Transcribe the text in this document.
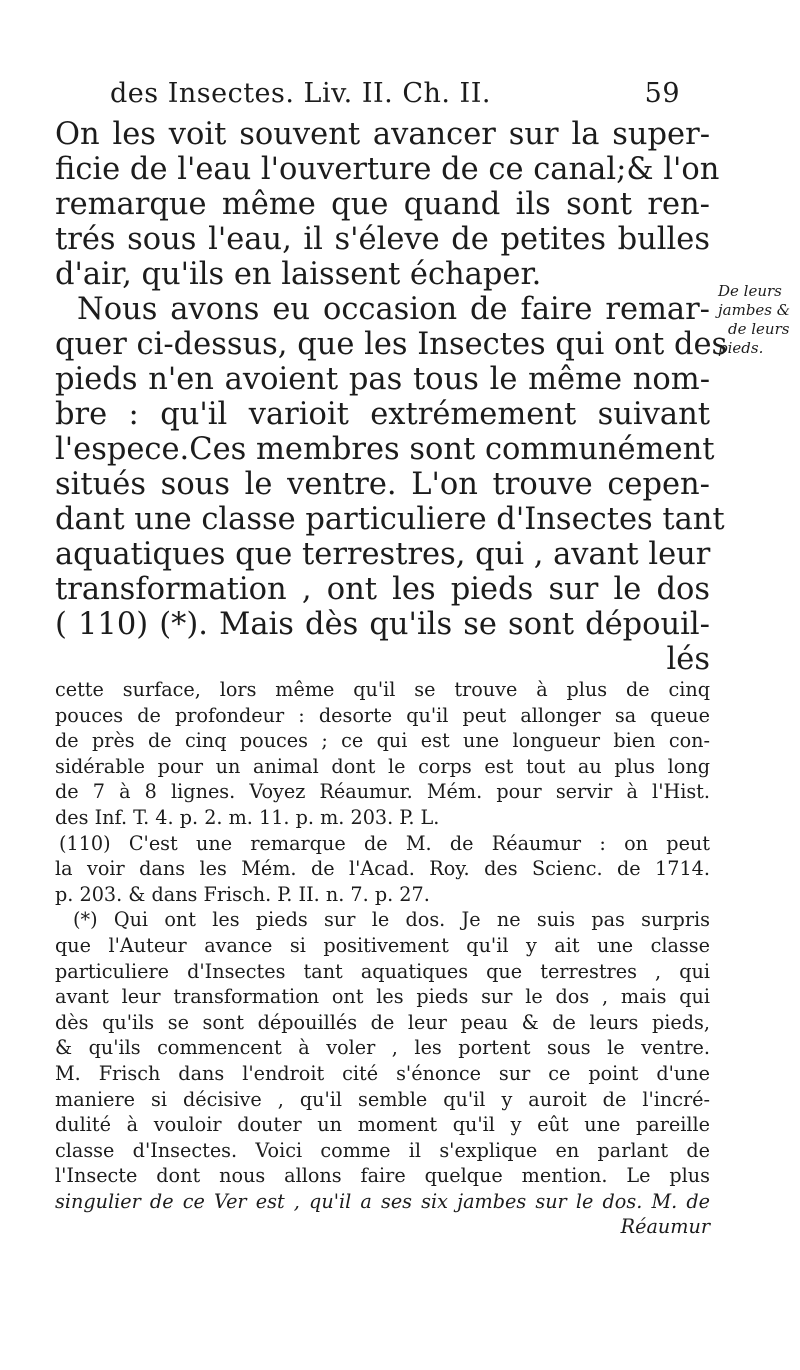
des Insectes. Liv. II. Ch. II.	59
On les voit souvent avancer sur la super-
ficie de l'eau l'ouverture de ce canal;& l'on
remarque même que quand ils sont ren-
trés sous l'eau, il s'éleve de petites bulles
d'air, qu'ils en laissent échaper.
Nous avons eu occasion de faire remar-
quer ci-dessus, que les Insectes qui ont des
pieds n'en avoient pas tous le même nom-
bre : qu'il varioit extrémement suivant
l'espece.Ces membres sont communément
situés sous le ventre. L'on trouve cepen-
dant une classe particuliere d'Insectes tant
aquatiques que terrestres, qui , avant leur
transformation , ont les pieds sur le dos
( 110) (*). Mais dès qu'ils se sont dépouil-
lés
De leurs
jambes &
de leurs
pieds.
cette surface, lors même qu'il se trouve à plus de cinq
pouces de profondeur : desorte qu'il peut allonger sa queue
de près de cinq pouces ; ce qui est une longueur bien con-
sidérable pour un animal dont le corps est tout au plus long
de 7 à 8 lignes. Voyez Réaumur. Mém. pour servir à l'Hist.
des Inf. T. 4. p. 2. m. 11. p. m. 203. P. L.
(110) C'est une remarque de M. de Réaumur : on peut
la voir dans les Mém. de l'Acad. Roy. des Scienc. de 1714.
p. 203. & dans Frisch. P. II. n. 7. p. 27.
(*) Qui ont les pieds sur le dos. Je ne suis pas surpris
que l'Auteur avance si positivement qu'il y ait une classe
particuliere d'Insectes tant aquatiques que terrestres , qui
avant leur transformation ont les pieds sur le dos , mais qui
dès qu'ils se sont dépouillés de leur peau & de leurs pieds,
& qu'ils commencent à voler , les portent sous le ventre.
M. Frisch dans l'endroit cité s'énonce sur ce point d'une
maniere si décisive , qu'il semble qu'il y auroit de l'incré-
dulité à vouloir douter un moment qu'il y eût une pareille
classe d'Insectes. Voici comme il s'explique en parlant de
l'Insecte dont nous allons faire quelque mention. Le plus
singulier de ce Ver est , qu'il a ses six jambes sur le dos. M. de
Réaumur
